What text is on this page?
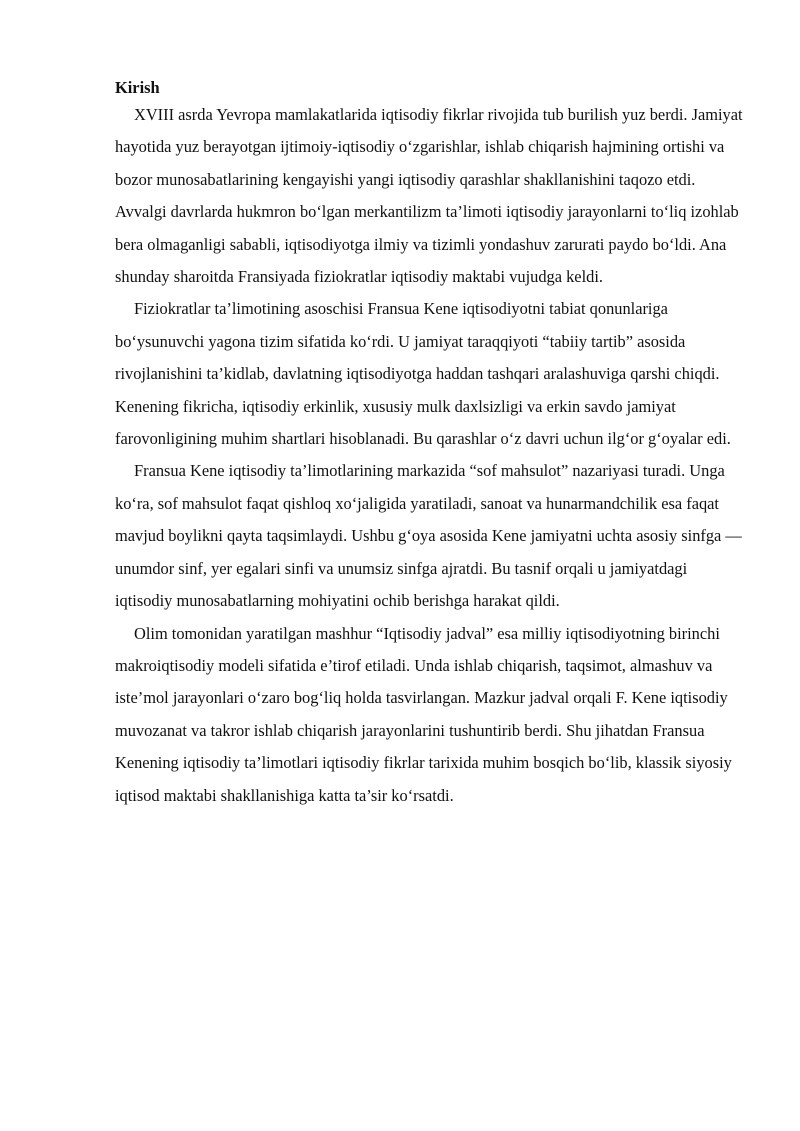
Kirish

XVIII asrda Yevropa mamlakatlarida iqtisodiy fikrlar rivojida tub burilish yuz berdi. Jamiyat hayotida yuz berayotgan ijtimoiy-iqtisodiy o‘zgarishlar, ishlab chiqarish hajmining ortishi va bozor munosabatlarining kengayishi yangi iqtisodiy qarashlar shakllanishini taqozo etdi. Avvalgi davrlarda hukmron bo‘lgan merkantilizm ta’limoti iqtisodiy jarayonlarni to‘liq izohlab bera olmaganligi sababli, iqtisodiyotga ilmiy va tizimli yondashuv zarurati paydo bo‘ldi. Ana shunday sharoitda Fransiyada fiziokratlar iqtisodiy maktabi vujudga keldi.

Fiziokratlar ta’limotining asoschisi Fransua Kene iqtisodiyotni tabiat qonunlariga bo‘ysunuvchi yagona tizim sifatida ko‘rdi. U jamiyat taraqqiyoti “tabiiy tartib” asosida rivojlanishini ta’kidlab, davlatning iqtisodiyotga haddan tashqari aralashuviga qarshi chiqdi. Kenening fikricha, iqtisodiy erkinlik, xususiy mulk daxlsizligi va erkin savdo jamiyat farovonligining muhim shartlari hisoblanadi. Bu qarashlar o‘z davri uchun ilg‘or g‘oyalar edi.

Fransua Kene iqtisodiy ta’limotlarining markazida “sof mahsulot” nazariyasi turadi. Unga ko‘ra, sof mahsulot faqat qishloq xo‘jaligida yaratiladi, sanoat va hunarmandchilik esa faqat mavjud boylikni qayta taqsimlaydi. Ushbu g‘oya asosida Kene jamiyatni uchta asosiy sinfga — unumdor sinf, yer egalari sinfi va unumsiz sinfga ajratdi. Bu tasnif orqali u jamiyatdagi iqtisodiy munosabatlarning mohiyatini ochib berishga harakat qildi.

Olim tomonidan yaratilgan mashhur “Iqtisodiy jadval” esa milliy iqtisodiyotning birinchi makroiqtisodiy modeli sifatida e’tirof etiladi. Unda ishlab chiqarish, taqsimot, almashuv va iste’mol jarayonlari o‘zaro bog‘liq holda tasvirlangan. Mazkur jadval orqali F. Kene iqtisodiy muvozanat va takror ishlab chiqarish jarayonlarini tushuntirib berdi. Shu jihatdan Fransua Kenening iqtisodiy ta’limotlari iqtisodiy fikrlar tarixida muhim bosqich bo‘lib, klassik siyosiy iqtisod maktabi shakllanishiga katta ta’sir ko‘rsatdi.
